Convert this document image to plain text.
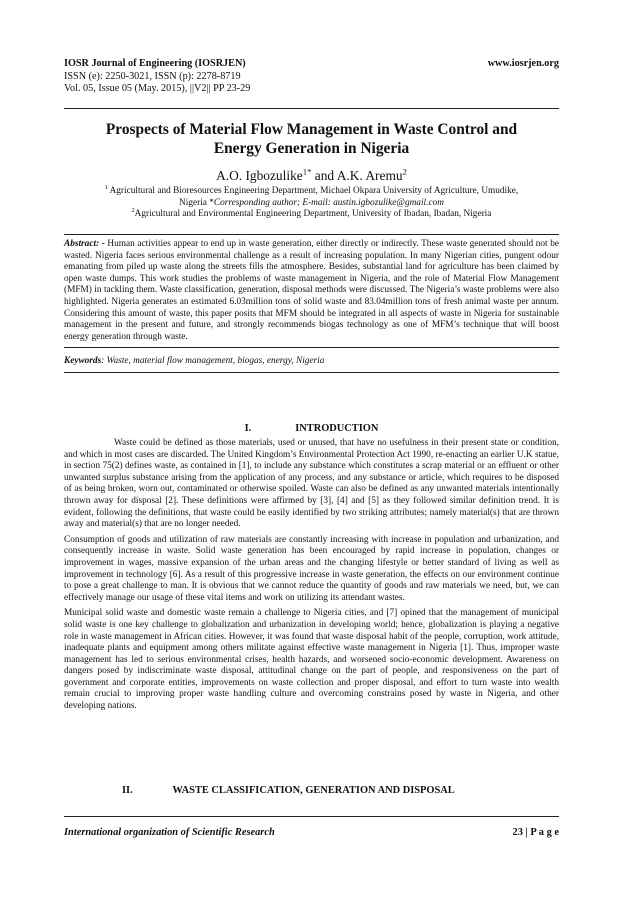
IOSR Journal of Engineering (IOSRJEN)	www.iosrjen.org
ISSN (e): 2250-3021, ISSN (p): 2278-8719
Vol. 05, Issue 05 (May. 2015), ||V2|| PP 23-29
Prospects of Material Flow Management in Waste Control and
Energy Generation in Nigeria
A.O. Igbozulike$^{1*}$ and A.K. Aremu$^2$
$^1$ Agricultural and Bioresources Engineering Department, Michael Okpara University of Agriculture, Umudike,
Nigeria *Corresponding author; E-mail: austin.igbozulike@gmail.com
$^2$Agricultural and Environmental Engineering Department, University of Ibadan, Ibadan, Nigeria
Abstract: - Human activities appear to end up in waste generation, either directly or indirectly. These waste generated should not be wasted. Nigeria faces serious environmental challenge as a result of increasing population. In many Nigerian cities, pungent odour emanating from piled up waste along the streets fills the atmosphere. Besides, substantial land for agriculture has been claimed by open waste dumps. This work studies the problems of waste management in Nigeria, and the role of Material Flow Management (MFM) in tackling them. Waste classification, generation, disposal methods were discussed. The Nigeria’s waste problems were also highlighted. Nigeria generates an estimated 6.03million tons of solid waste and 83.04million tons of fresh animal waste per annum. Considering this amount of waste, this paper posits that MFM should be integrated in all aspects of waste in Nigeria for sustainable management in the present and future, and strongly recommends biogas technology as one of MFM’s technique that will boost energy generation through waste.
Keywords: Waste, material flow management, biogas, energy, Nigeria
I.	INTRODUCTION

Waste could be defined as those materials, used or unused, that have no usefulness in their present state or condition, and which in most cases are discarded. The United Kingdom’s Environmental Protection Act 1990, re-enacting an earlier U.K statue, in section 75(2) defines waste, as contained in [1], to include any substance which constitutes a scrap material or an effluent or other unwanted surplus substance arising from the application of any process, and any substance or article, which requires to be disposed of as being broken, worn out, contaminated or otherwise spoiled. Waste can also be defined as any unwanted materials intentionally thrown away for disposal [2]. These definitions were affirmed by [3], [4] and [5] as they followed similar definition trend. It is evident, following the definitions, that waste could be easily identified by two striking attributes; namely material(s) that are thrown away and material(s) that are no longer needed.

Consumption of goods and utilization of raw materials are constantly increasing with increase in population and urbanization, and consequently increase in waste. Solid waste generation has been encouraged by rapid increase in population, changes or improvement in wages, massive expansion of the urban areas and the changing lifestyle or better standard of living as well as improvement in technology [6]. As a result of this progressive increase in waste generation, the effects on our environment continue to pose a great challenge to man. It is obvious that we cannot reduce the quantity of goods and raw materials we need, but, we can effectively manage our usage of these vital items and work on utilizing its attendant wastes.

Municipal solid waste and domestic waste remain a challenge to Nigeria cities, and [7] opined that the management of municipal solid waste is one key challenge to globalization and urbanization in developing world; hence, globalization is playing a negative role in waste management in African cities. However, it was found that waste disposal habit of the people, corruption, work attitude, inadequate plants and equipment among others militate against effective waste management in Nigeria [1]. Thus, improper waste management has led to serious environmental crises, health hazards, and worsened socio-economic development. Awareness on dangers posed by indiscriminate waste disposal, attitudinal change on the part of people, and responsiveness on the part of government and corporate entities, improvements on waste collection and proper disposal, and effort to turn waste into wealth remain crucial to improving proper waste handling culture and overcoming constrains posed by waste in Nigeria, and other developing nations.

II.	WASTE CLASSIFICATION, GENERATION AND DISPOSAL
International organization of Scientific Research	23 | P a g e
